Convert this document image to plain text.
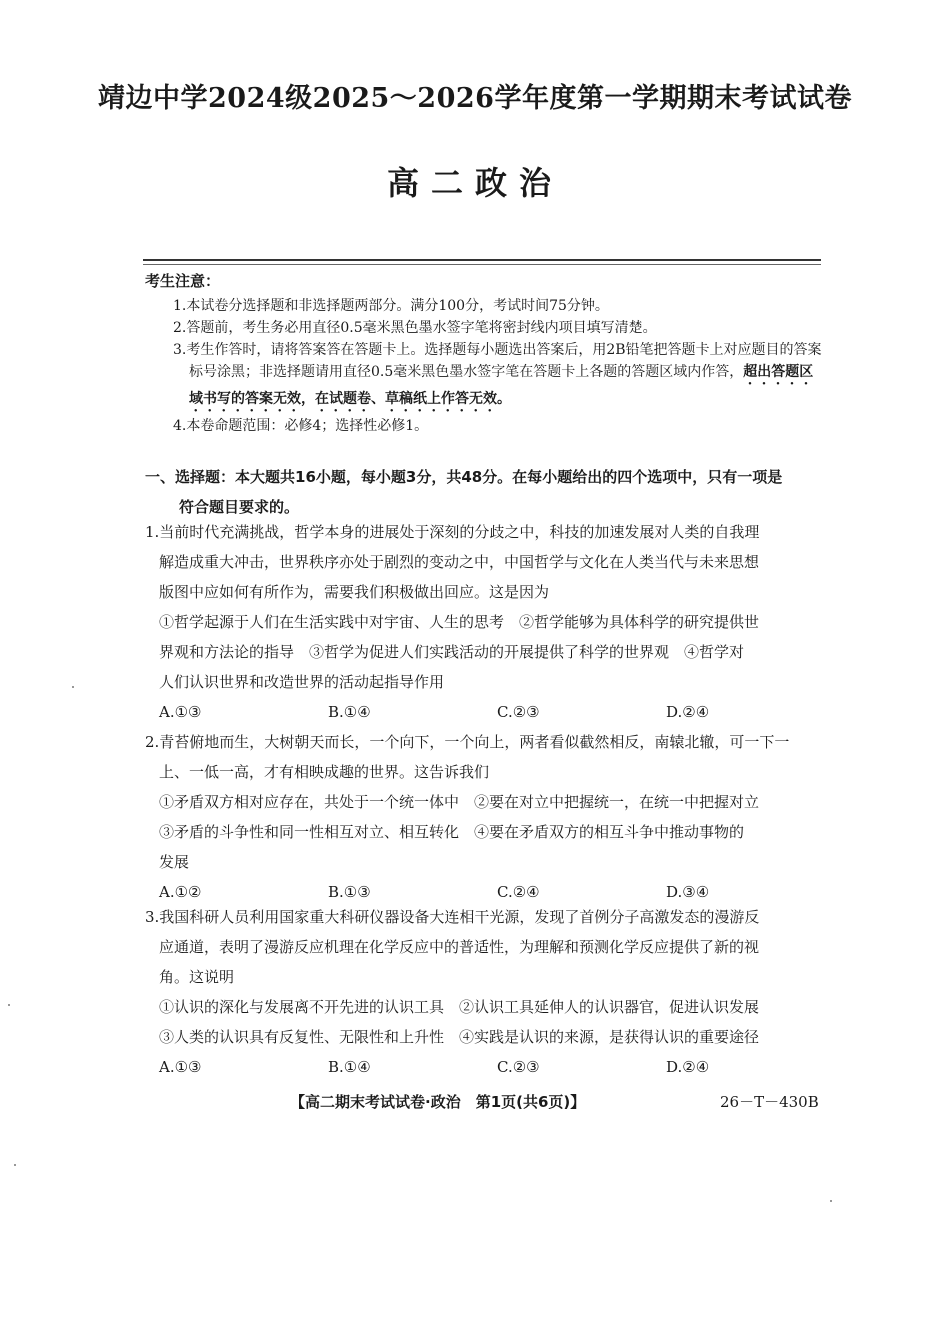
靖边中学2024级2025～2026学年度第一学期期末考试试卷
高二政治
考生注意：
1.本试卷分选择题和非选择题两部分。满分100分，考试时间75分钟。
2.答题前，考生务必用直径0.5毫米黑色墨水签字笔将密封线内项目填写清楚。
3.考生作答时，请将答案答在答题卡上。选择题每小题选出答案后，用2B铅笔把答题卡上对应题目的答案标号涂黑；非选择题请用直径0.5毫米黑色墨水签字笔在答题卡上各题的答题区域内作答，超出答题区域书写的答案无效，在试题卷、草稿纸上作答无效。
4.本卷命题范围：必修4；选择性必修1。
一、选择题：本大题共16小题，每小题3分，共48分。在每小题给出的四个选项中，只有一项是
符合题目要求的。

1.当前时代充满挑战，哲学本身的进展处于深刻的分歧之中，科技的加速发展对人类的自我理

解造成重大冲击，世界秩序亦处于剧烈的变动之中，中国哲学与文化在人类当代与未来思想

版图中应如何有所作为，需要我们积极做出回应。这是因为

①哲学起源于人们在生活实践中对宇宙、人生的思考　②哲学能够为具体科学的研究提供世

界观和方法论的指导　③哲学为促进人们实践活动的开展提供了科学的世界观　④哲学对

人们认识世界和改造世界的活动起指导作用

A.①③	B.①④	C.②③	D.②④

2.青苔俯地而生，大树朝天而长，一个向下，一个向上，两者看似截然相反，南辕北辙，可一下一

上、一低一高，才有相映成趣的世界。这告诉我们

①矛盾双方相对应存在，共处于一个统一体中　②要在对立中把握统一，在统一中把握对立

③矛盾的斗争性和同一性相互对立、相互转化　④要在矛盾双方的相互斗争中推动事物的

发展

A.①②	B.①③	C.②④	D.③④

3.我国科研人员利用国家重大科研仪器设备大连相干光源，发现了首例分子高激发态的漫游反

应通道，表明了漫游反应机理在化学反应中的普适性，为理解和预测化学反应提供了新的视

角。这说明

①认识的深化与发展离不开先进的认识工具　②认识工具延伸人的认识器官，促进认识发展

③人类的认识具有反复性、无限性和上升性　④实践是认识的来源，是获得认识的重要途径

A.①③	B.①④	C.②③	D.②④
【高二期末考试试卷·政治　第1页(共6页)】	26－T－430B
